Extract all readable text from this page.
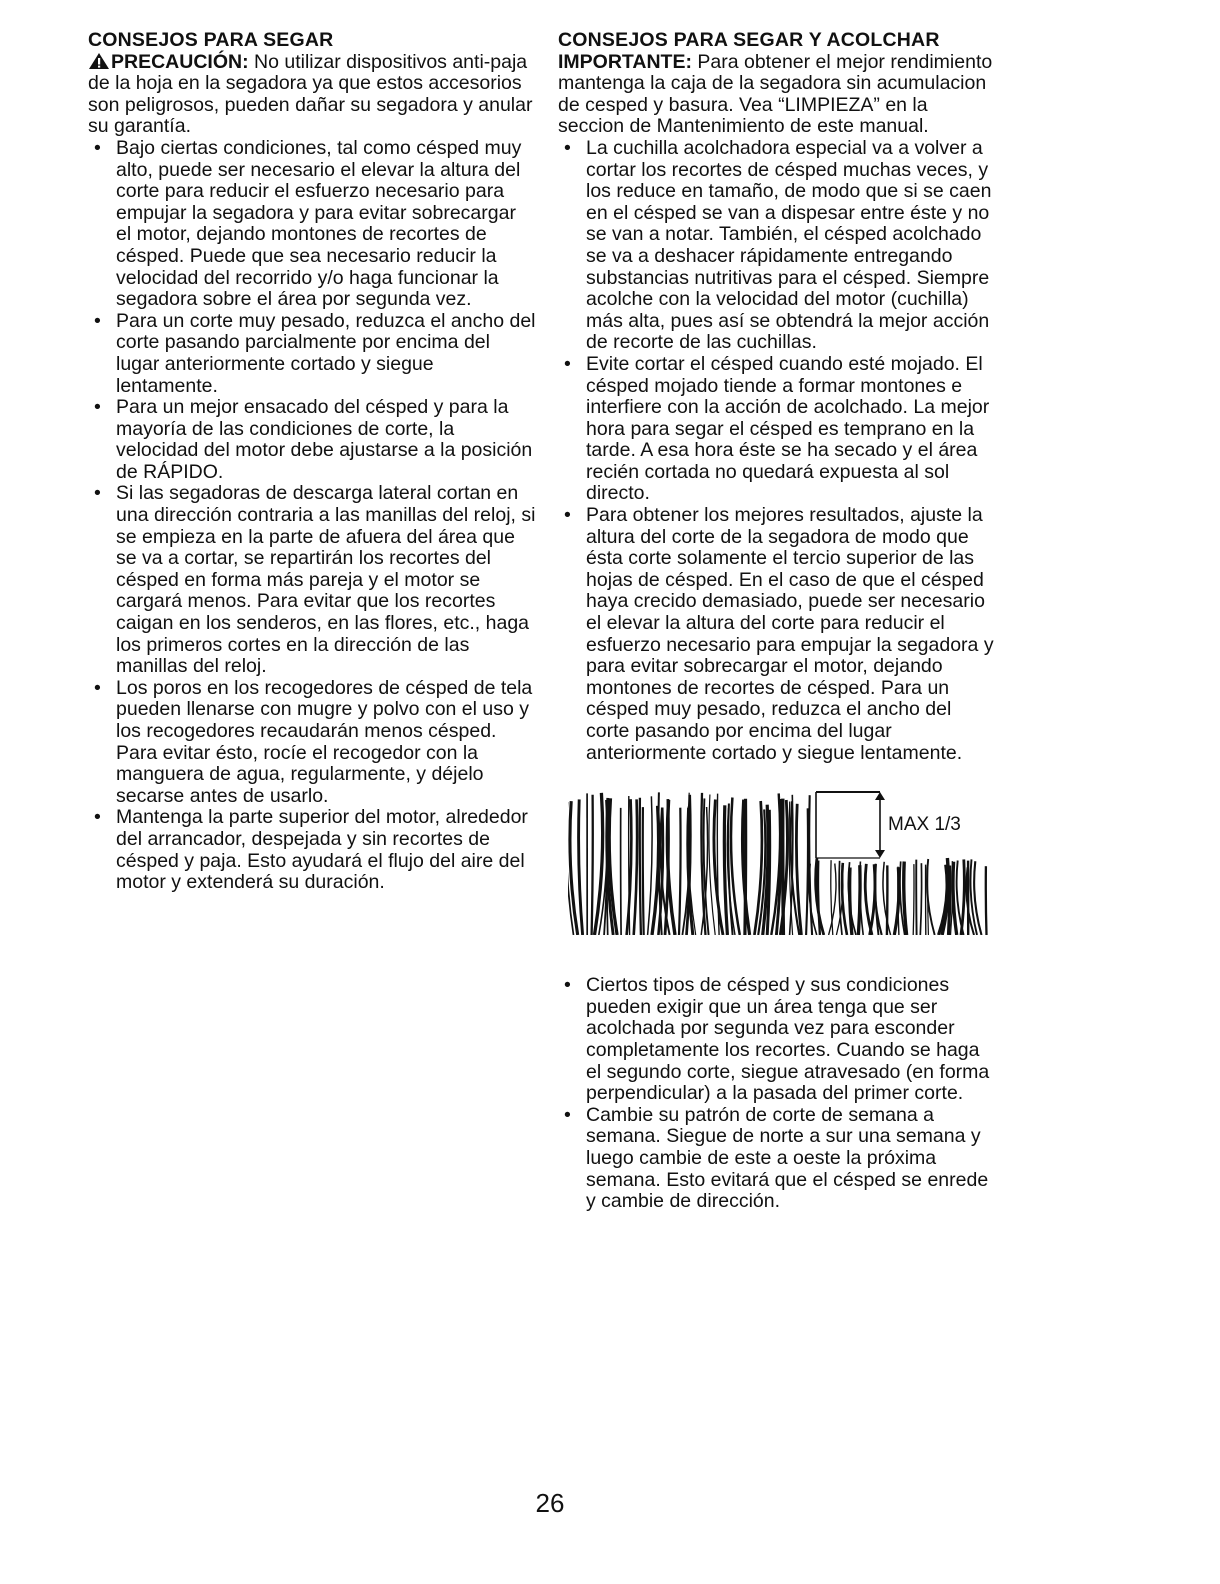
CONSEJOS PARA SEGAR

PRECAUCIÓN: No utilizar dispositivos anti-paja de la hoja en la segadora ya que estos accesorios son peligrosos, pueden dañar su segadora y anular su garantía.

• Bajo ciertas condiciones, tal como césped muy alto, puede ser necesario el elevar la altura del corte para reducir el esfuerzo necesario para empujar la segadora y para evitar sobrecargar el motor, dejando montones de recortes de césped. Puede que sea necesario reducir la velocidad del recorrido y/o haga funcionar la segadora sobre el área por segunda vez.
• Para un corte muy pesado, reduzca el ancho del corte pasando parcialmente por encima del lugar anteriormente cortado y siegue lentamente.
• Para un mejor ensacado del césped y para la mayoría de las condiciones de corte, la velocidad del motor debe ajustarse a la posición de RÁPIDO.
• Si las segadoras de descarga lateral cortan en una dirección contraria a las manillas del reloj, si se empieza en la parte de afuera del área que se va a cortar, se repartirán los recortes del césped en forma más pareja y el motor se cargará menos. Para evitar que los recortes caigan en los senderos, en las flores, etc., haga los primeros cortes en la dirección de las manillas del reloj.
• Los poros en los recogedores de césped de tela pueden llenarse con mugre y polvo con el uso y los recogedores recaudarán menos césped. Para evitar ésto, rocíe el recogedor con la manguera de agua, regularmente, y déjelo secarse antes de usarlo.
• Mantenga la parte superior del motor, alrededor del arrancador, despejada y sin recortes de césped y paja. Esto ayudará el flujo del aire del motor y extenderá su duración.
CONSEJOS PARA SEGAR Y ACOLCHAR

IMPORTANTE: Para obtener el mejor rendimiento mantenga la caja de la segadora sin acumulacion de cesped y basura. Vea “LIMPIEZA” en la seccion de Mantenimiento de este manual.

• La cuchilla acolchadora especial va a volver a cortar los recortes de césped muchas veces, y los reduce en tamaño, de modo que si se caen en el césped se van a dispesar entre éste y no se van a notar. También, el césped acolchado se va a deshacer rápidamente entregando substancias nutritivas para el césped. Siempre acolche con la velocidad del motor (cuchilla) más alta, pues así se obtendrá la mejor acción de recorte de las cuchillas.
• Evite cortar el césped cuando esté mojado. El césped mojado tiende a formar montones e interfiere con la acción de acolchado. La mejor hora para segar el césped es temprano en la tarde. A esa hora éste se ha secado y el área recién cortada no quedará expuesta al sol directo.
• Para obtener los mejores resultados, ajuste la altura del corte de la segadora de modo que ésta corte solamente el tercio superior de las hojas de césped. En el caso de que el césped haya crecido demasiado, puede ser necesario el elevar la altura del corte para reducir el esfuerzo necesario para empujar la segadora y para evitar sobrecargar el motor, dejando montones de recortes de césped. Para un césped muy pesado, reduzca el ancho del corte pasando por encima del lugar anteriormente cortado y siegue lentamente.
MAX 1/3
• Ciertos tipos de césped y sus condiciones pueden exigir que un área tenga que ser acolchada por segunda vez para esconder completamente los recortes. Cuando se haga el segundo corte, siegue atravesado (en forma perpendicular) a la pasada del primer corte.
• Cambie su patrón de corte de semana a semana. Siegue de norte a sur una semana y luego cambie de este a oeste la próxima semana. Esto evitará que el césped se enrede y cambie de dirección.
26
